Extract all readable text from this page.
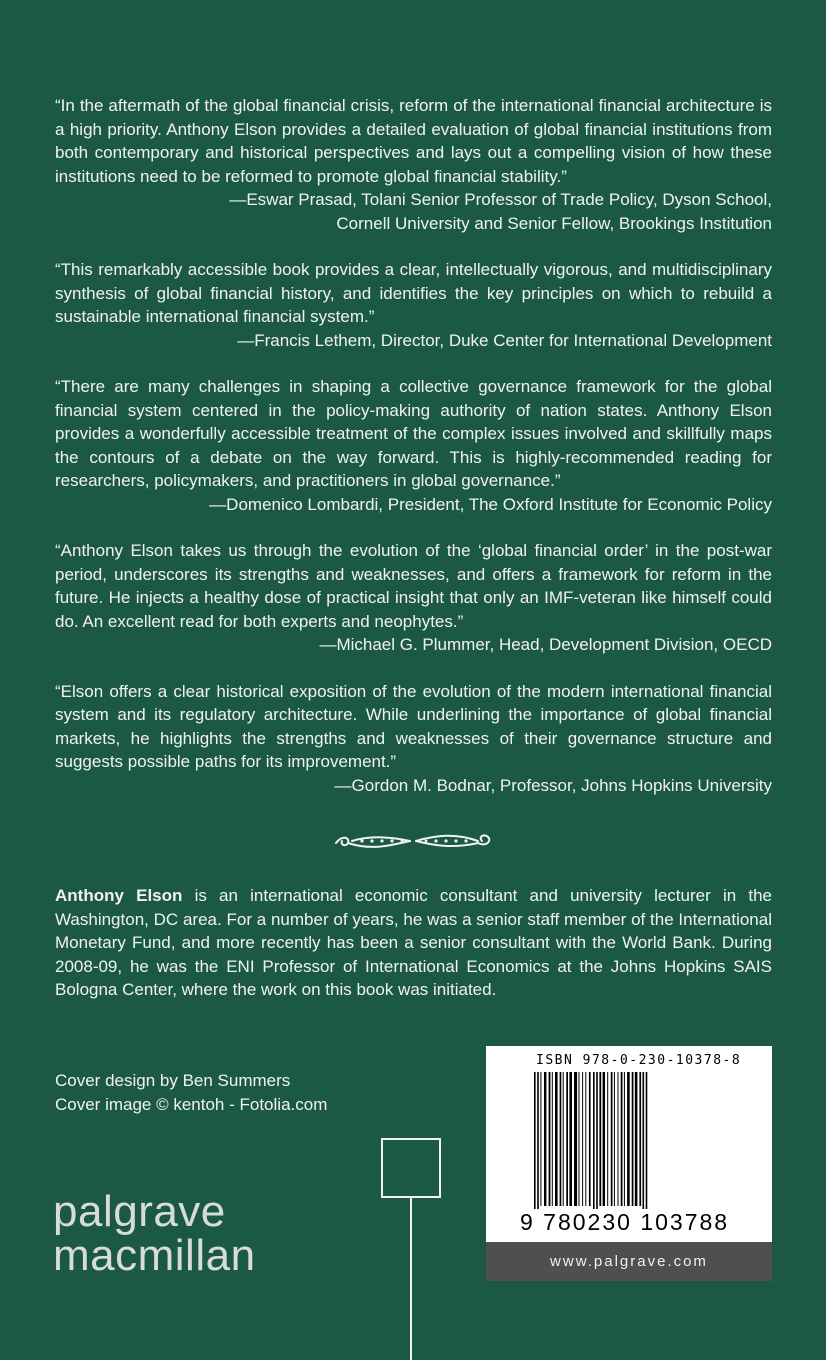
“In the aftermath of the global financial crisis, reform of the international financial architecture is a high priority. Anthony Elson provides a detailed evaluation of global financial institutions from both contemporary and historical perspectives and lays out a compelling vision of how these institutions need to be reformed to promote global financial stability.”

—Eswar Prasad, Tolani Senior Professor of Trade Policy, Dyson School,

Cornell University and Senior Fellow, Brookings Institution

“This remarkably accessible book provides a clear, intellectually vigorous, and multidisciplinary synthesis of global financial history, and identifies the key principles on which to rebuild a sustainable international financial system.”

—Francis Lethem, Director, Duke Center for International Development

“There are many challenges in shaping a collective governance framework for the global financial system centered in the policy-making authority of nation states. Anthony Elson provides a wonderfully accessible treatment of the complex issues involved and skillfully maps the contours of a debate on the way forward. This is highly-recommended reading for researchers, policymakers, and practitioners in global governance.”

—Domenico Lombardi, President, The Oxford Institute for Economic Policy

“Anthony Elson takes us through the evolution of the ‘global financial order’ in the post-war period, underscores its strengths and weaknesses, and offers a framework for reform in the future. He injects a healthy dose of practical insight that only an IMF-veteran like himself could do. An excellent read for both experts and neophytes.”

—Michael G. Plummer, Head, Development Division, OECD

“Elson offers a clear historical exposition of the evolution of the modern international financial system and its regulatory architecture. While underlining the importance of global financial markets, he highlights the strengths and weaknesses of their governance structure and suggests possible paths for its improvement.”

—Gordon M. Bodnar, Professor, Johns Hopkins University

Anthony Elson is an international economic consultant and university lecturer in the Washington, DC area. For a number of years, he was a senior staff member of the International Monetary Fund, and more recently has been a senior consultant with the World Bank. During 2008-09, he was the ENI Professor of International Economics at the Johns Hopkins SAIS Bologna Center, where the work on this book was initiated.

Cover design by Ben Summers
Cover image © kentoh - Fotolia.com
palgrave
macmillan
ISBN 978-0-230-10378-8
9 780230 103788
www.palgrave.com
